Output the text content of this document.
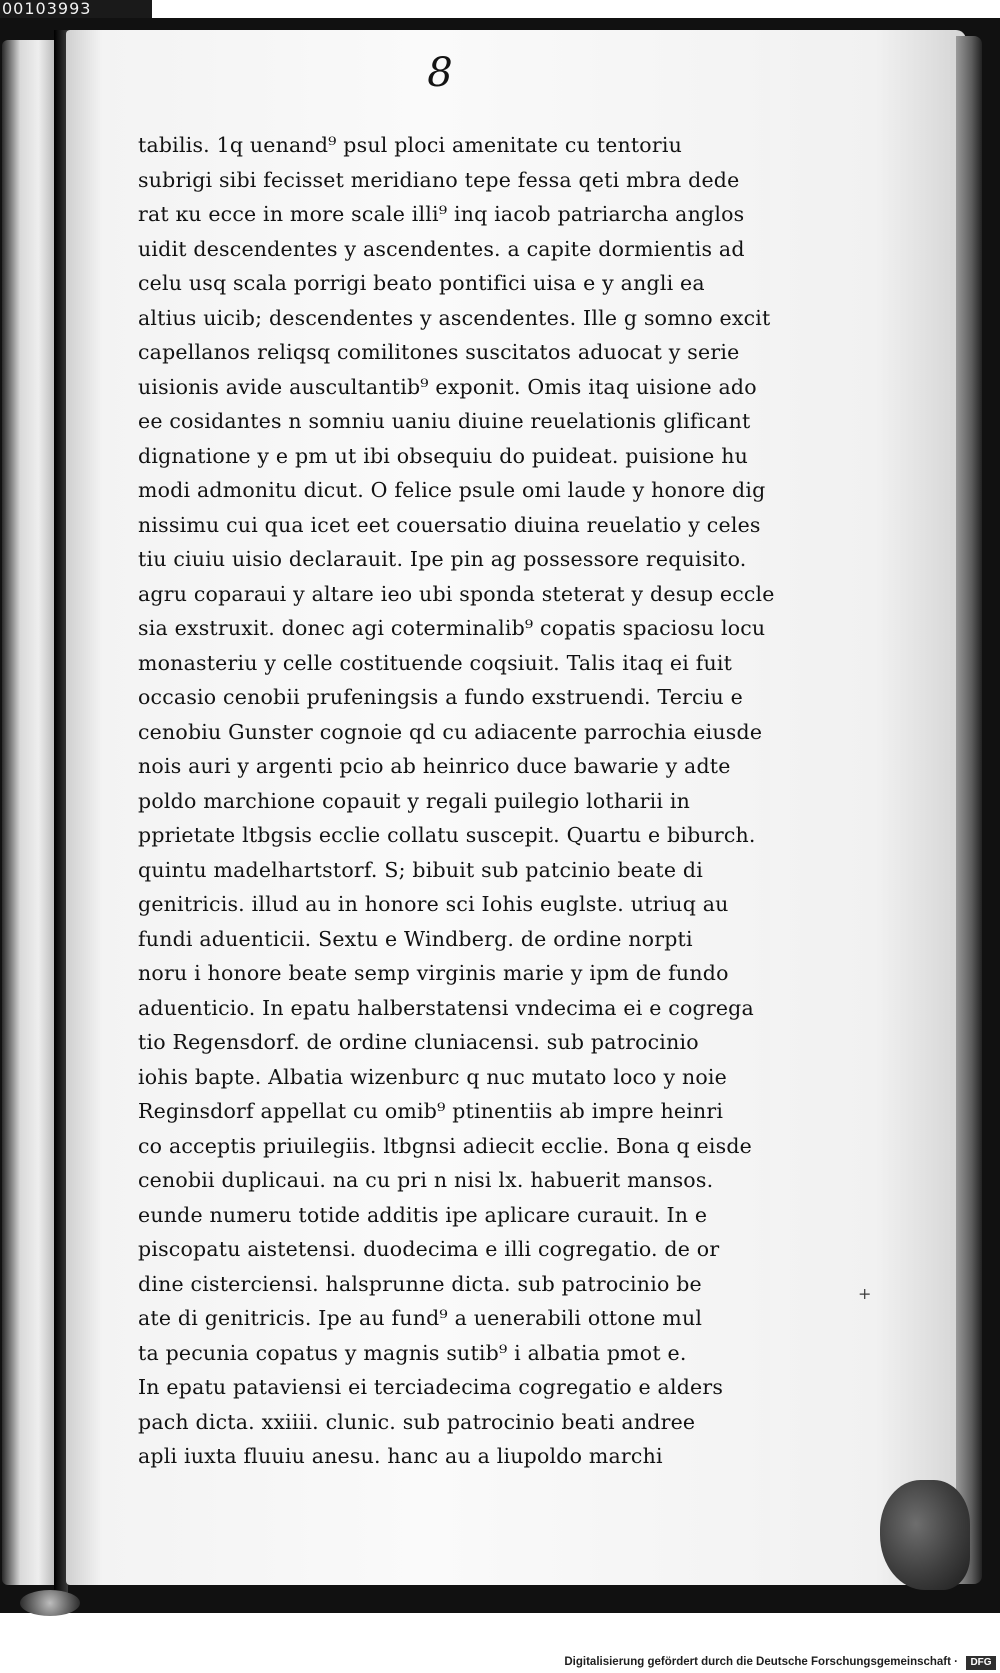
00103993
8
tabilis. 1q uenand⁹ psul ploci amenitate cu tentoriu
subrigi sibi fecisset meridiano tepe fessa qeti mbra dede
rat ĸu ecce in more scale illi⁹ inq iacob patriarcha anglos
uidit descendentes y ascendentes. a capite dormientis ad
celu usq scala porrigi beato pontifici uisa e y angli ea
altius uicib; descendentes y ascendentes. Ille g somno excit
capellanos reliqsq comilitones suscitatos aduocat y serie
uisionis avide auscultantib⁹ exponit. Omis itaq uisione ado
ee cosidantes n somniu uaniu diuine reuelationis glificant
dignatione y e pm ut ibi obsequiu do puideat. puisione hu
modi admonitu dicut. O felice psule omi laude y honore dig
nissimu cui qua icet eet couersatio diuina reuelatio y celes
tiu ciuiu uisio declarauit. Ipe pin ag possessore requisito.
agru coparaui y altare ieo ubi sponda steterat y desup eccle
sia exstruxit. donec agi coterminalib⁹ copatis spaciosu locu
monasteriu y celle costituende coqsiuit. Talis itaq ei fuit
occasio cenobii prufeningsis a fundo exstruendi. Terciu e
cenobiu Gunster cognoie qd cu adiacente parrochia eiusde
nois auri y argenti pcio ab heinrico duce bawarie y adte
poldo marchione copauit y regali puilegio lotharii in
pprietate ltbgsis ecclie collatu suscepit. Quartu e biburch.
quintu madelhartstorf. S; bibuit sub patcinio beate di
genitricis. illud au in honore sci Iohis euglste. utriuq au
fundi aduenticii. Sextu e Windberg. de ordine norpti
noru i honore beate semp virginis marie y ipm de fundo
aduenticio. In epatu halberstatensi vndecima ei e cogrega
tio Regensdorf. de ordine cluniacensi. sub patrocinio
iohis bapte. Albatia wizenburc q nuc mutato loco y noie
Reginsdorf appellat cu omib⁹ ptinentiis ab impre heinri
co acceptis priuilegiis. ltbgnsi adiecit ecclie. Bona q eisde
cenobii duplicaui. na cu pri n nisi lx. habuerit mansos.
eunde numeru totide additis ipe aplicare curauit. In e
piscopatu aistetensi. duodecima e illi cogregatio. de or
dine cisterciensi. halsprunne dicta. sub patrocinio be
ate di genitricis. Ipe au fund⁹ a uenerabili ottone mul
ta pecunia copatus y magnis sutib⁹ i albatia pmot e.
In epatu pataviensi ei terciadecima cogregatio e alders
pach dicta. xxiiii. clunic. sub patrocinio beati andree
apli iuxta fluuiu anesu. hanc au a liupoldo marchi
+
Digitalisierung gefördert durch die Deutsche Forschungsgemeinschaft ·	DFG
